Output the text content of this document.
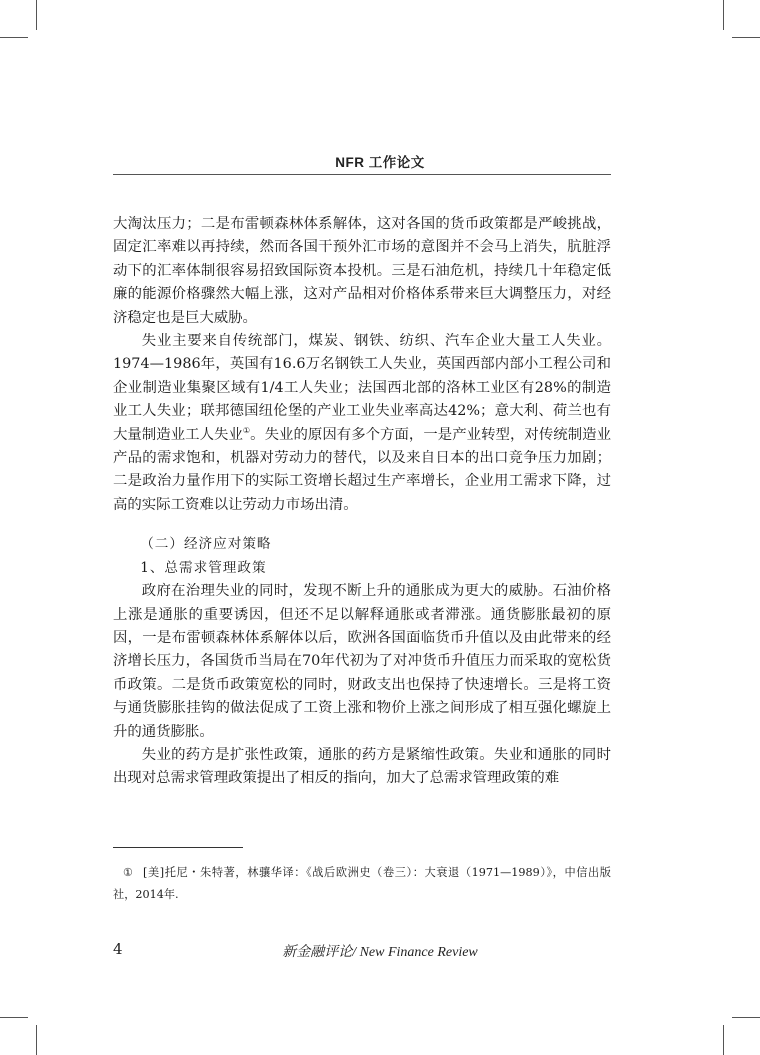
NFR 工作论文

大淘汰压力；二是布雷顿森林体系解体，这对各国的货币政策都是严峻挑战，固定汇率难以再持续，然而各国干预外汇市场的意图并不会马上消失，肮脏浮动下的汇率体制很容易招致国际资本投机。三是石油危机，持续几十年稳定低廉的能源价格骤然大幅上涨，这对产品相对价格体系带来巨大调整压力，对经济稳定也是巨大威胁。

失业主要来自传统部门，煤炭、钢铁、纺织、汽车企业大量工人失业。1974—1986年，英国有16.6万名钢铁工人失业，英国西部内部小工程公司和企业制造业集聚区域有1/4工人失业；法国西北部的洛林工业区有28%的制造业工人失业；联邦德国纽伦堡的产业工业失业率高达42%；意大利、荷兰也有大量制造业工人失业①。失业的原因有多个方面，一是产业转型，对传统制造业产品的需求饱和，机器对劳动力的替代，以及来自日本的出口竞争压力加剧；二是政治力量作用下的实际工资增长超过生产率增长，企业用工需求下降，过高的实际工资难以让劳动力市场出清。

（二）经济应对策略

1、总需求管理政策

政府在治理失业的同时，发现不断上升的通胀成为更大的威胁。石油价格上涨是通胀的重要诱因，但还不足以解释通胀或者滞涨。通货膨胀最初的原因，一是布雷顿森林体系解体以后，欧洲各国面临货币升值以及由此带来的经济增长压力，各国货币当局在70年代初为了对冲货币升值压力而采取的宽松货币政策。二是货币政策宽松的同时，财政支出也保持了快速增长。三是将工资与通货膨胀挂钩的做法促成了工资上涨和物价上涨之间形成了相互强化螺旋上升的通货膨胀。

失业的药方是扩张性政策，通胀的药方是紧缩性政策。失业和通胀的同时出现对总需求管理政策提出了相反的指向，加大了总需求管理政策的难

① [美]托尼・朱特著，林骧华译：《战后欧洲史（卷三）：大衰退（1971—1989）》，中信出版社，2014年.
4	新金融评论/ New Finance Review
